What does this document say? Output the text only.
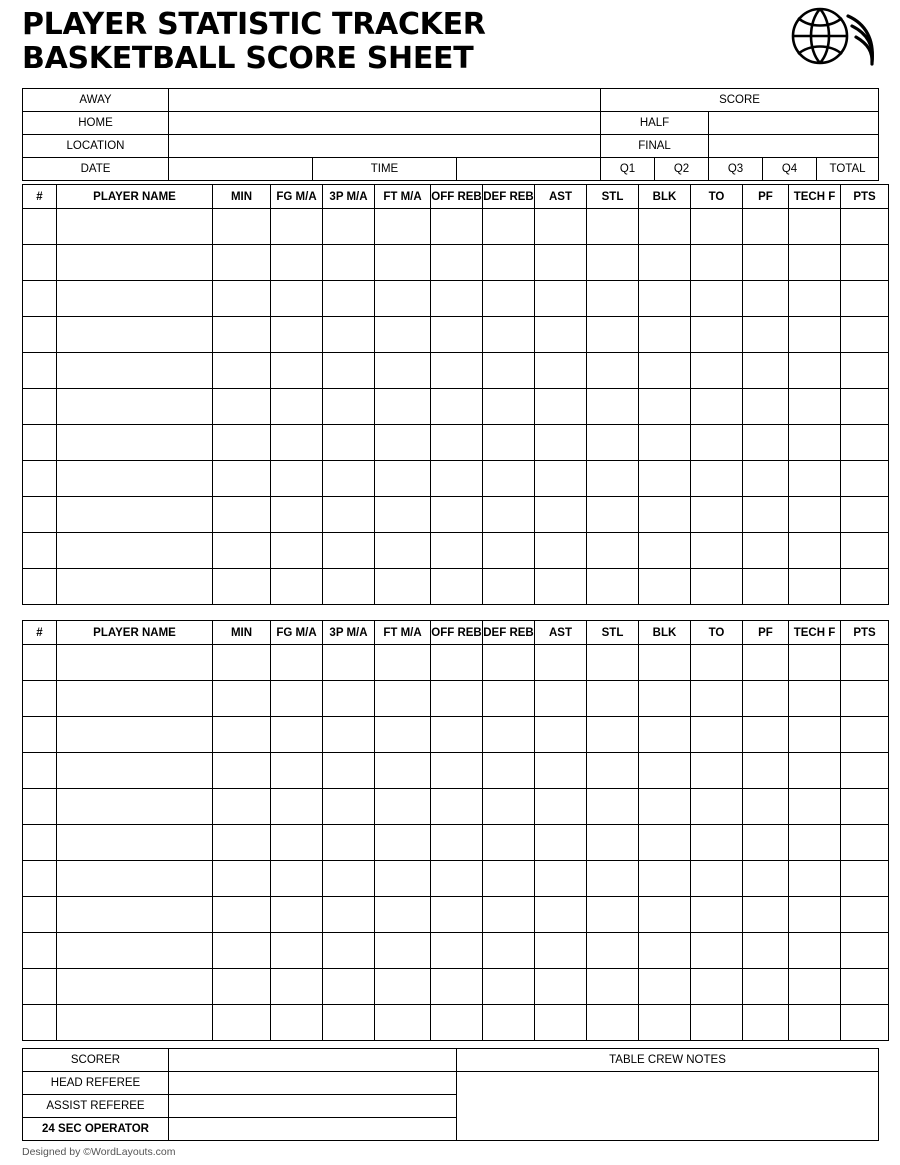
PLAYER STATISTIC TRACKER
BASKETBALL SCORE SHEET
AWAY				SCORE				
HOME				HALF				
LOCATION				FINAL				
DATE		TIME		Q1	Q2	Q3	Q4	TOTAL
#	PLAYER NAME	MIN	FG M/A	3P M/A	FT M/A	OFF REB	DEF REB	AST	STL	BLK	TO	PF	TECH F	PTS

#	PLAYER NAME	MIN	FG M/A	3P M/A	FT M/A	OFF REB	DEF REB	AST	STL	BLK	TO	PF	TECH F	PTS

SCORER		TABLE CREW NOTES
HEAD REFEREE		
ASSIST REFEREE		
24 SEC OPERATOR		
Designed by ©WordLayouts.com
